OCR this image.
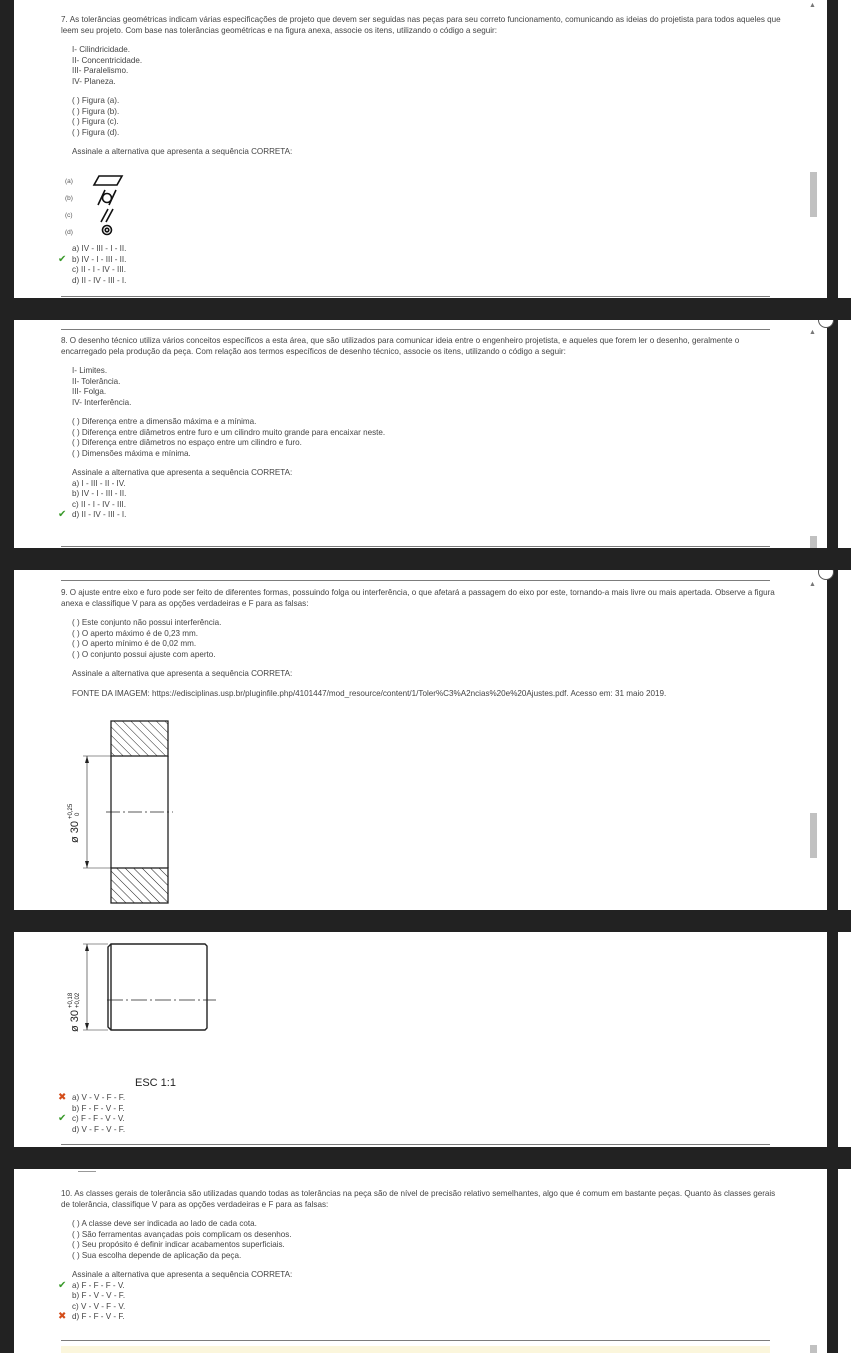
▲
7. As tolerâncias geométricas indicam várias especificações de projeto que devem ser seguidas nas peças para seu correto funcionamento, comunicando as ideias do projetista para todos aqueles que leem seu projeto. Com base nas tolerâncias geométricas e na figura anexa, associe os itens, utilizando o código a seguir:
I- Cilindricidade.
II- Concentricidade.
III- Paralelismo.
IV- Planeza.
( ) Figura (a).
( ) Figura (b).
( ) Figura (c).
( ) Figura (d).
Assinale a alternativa que apresenta a sequência CORRETA:
(a)
(b)
(c)
(d)
a) IV - III - I - II.
✔ b) IV - I - III - II.
c) II - I - IV - III.
d) II - IV - III - I.
▲
8. O desenho técnico utiliza vários conceitos específicos a esta área, que são utilizados para comunicar ideia entre o engenheiro projetista, e aqueles que forem ler o desenho, geralmente o encarregado pela produção da peça. Com relação aos termos específicos de desenho técnico, associe os itens, utilizando o código a seguir:
I- Limites.
II- Tolerância.
III- Folga.
IV- Interferência.
( ) Diferença entre a dimensão máxima e a mínima.
( ) Diferença entre diâmetros entre furo e um cilindro muito grande para encaixar neste.
( ) Diferença entre diâmetros no espaço entre um cilindro e furo.
( ) Dimensões máxima e mínima.
Assinale a alternativa que apresenta a sequência CORRETA:
a) I - III - II - IV.
b) IV - I - III - II.
c) II - I - IV - III.
✔ d) II - IV - III - I.
▲
9. O ajuste entre eixo e furo pode ser feito de diferentes formas, possuindo folga ou interferência, o que afetará a passagem do eixo por este, tornando-a mais livre ou mais apertada. Observe a figura anexa e classifique V para as opções verdadeiras e F para as falsas:
( ) Este conjunto não possui interferência.
( ) O aperto máximo é de 0,23 mm.
( ) O aperto mínimo é de 0,02 mm.
( ) O conjunto possui ajuste com aperto.
Assinale a alternativa que apresenta a sequência CORRETA:
FONTE DA IMAGEM: https://edisciplinas.usp.br/pluginfile.php/4101447/mod_resource/content/1/Toler%C3%A2ncias%20e%20Ajustes.pdf. Acesso em: 31 maio 2019.
ø 30
+0,25 0
ø 30
+0,18 +0,02
ESC 1:1
✖ a) V - V - F - F.
b) F - F - V - F.
✔ c) F - F - V - V.
d) V - F - V - F.
10. As classes gerais de tolerância são utilizadas quando todas as tolerâncias na peça são de nível de precisão relativo semelhantes, algo que é comum em bastante peças. Quanto às classes gerais de tolerância, classifique V para as opções verdadeiras e F para as falsas:
( ) A classe deve ser indicada ao lado de cada cota.
( ) São ferramentas avançadas pois complicam os desenhos.
( ) Seu propósito é definir indicar acabamentos superficiais.
( ) Sua escolha depende de aplicação da peça.
Assinale a alternativa que apresenta a sequência CORRETA:
✔ a) F - F - F - V.
b) F - V - V - F.
c) V - V - F - V.
✖ d) F - F - V - F.
